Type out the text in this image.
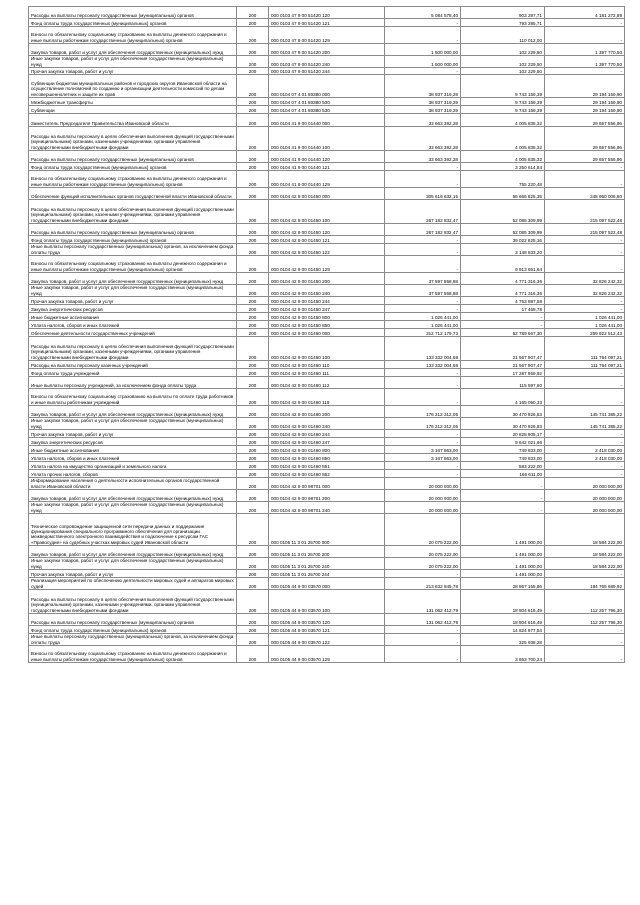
Расходы на выплаты персоналу государственных (муниципальных) органов	200	000 0103 47 9 00 51420 120	5 084 578,40	903 297,71	4 181 272,89
Фонд оплаты труда государственных (муниципальных) органов	200	000 0103 47 9 00 51420 121	-	793 285,71	-
Взносы по обязательному социальному страхованию на выплаты денежного содержания и иные выплаты работникам государственных (муниципальных) органов	200	000 0103 47 9 00 51420 129	-	110 012,00	-
Закупка товаров, работ и услуг для обеспечения государственных (муниципальных) нужд	200	000 0103 47 9 00 51420 200	1 500 000,00	102 229,50	1 397 770,50
Иные закупки товаров, работ и услуг для обеспечения государственных (муниципальных) нужд	200	000 0103 47 9 00 51420 240	1 500 000,00	102 229,50	1 397 770,50
Прочая закупка товаров, работ и услуг	200	000 0103 47 9 00 51420 244	-	102 229,50	-
Субвенции бюджетам муниципальных районов и городских округов Ивановской области на осуществление полномочий по созданию и организации деятельности комиссий по делам несовершеннолетних и защите их прав	200	000 0104 07 4 01 80380 000	38 937 319,29	9 743 159,39	29 194 159,90
Межбюджетные трансферты	200	000 0104 07 4 01 80380 500	38 937 319,29	9 743 159,39	29 194 159,90
Субвенции	200	000 0104 07 4 01 80380 530	38 937 319,29	9 743 159,39	29 194 159,90
Заместитель Председателя Правительства Ивановской области	200	000 0104 41 9 00 01440 000	33 663 392,28	4 005 835,32	29 657 556,96
Расходы на выплаты персоналу в целях обеспечения выполнения функций государственными (муниципальными) органами, казенными учреждениями, органами управления государственными внебюджетными фондами	200	000 0104 41 9 00 01440 100	33 663 392,28	4 005 835,32	29 657 556,96
Расходы на выплаты персоналу государственных (муниципальных) органов	200	000 0104 41 9 00 01440 120	33 663 392,28	4 005 835,32	29 657 556,96
Фонд оплаты труда государственных (муниципальных) органов	200	000 0104 41 9 00 01440 121	-	3 250 614,84	-
Взносы по обязательному социальному страхованию на выплаты денежного содержания и иные выплаты работникам государственных (муниципальных) органов	200	000 0104 41 9 00 01440 129	-	755 220,48	-
Обеспечение функций исполнительных органов государственной власти Ивановской области	200	000 0104 42 9 00 01450 000	305 616 632,15	56 666 825,35	248 950 006,80
Расходы на выплаты персоналу в целях обеспечения выполнения функций государственными (муниципальными) органами, казенными учреждениями, органами управления государственными внебюджетными фондами	200	000 0104 42 9 00 01450 100	267 182 832,47	52 085 309,99	215 097 522,48
Расходы на выплаты персоналу государственных (муниципальных) органов	200	000 0104 42 9 00 01450 120	267 182 832,47	52 085 309,99	215 097 522,48
Фонд оплаты труда государственных (муниципальных) органов	200	000 0104 42 9 00 01450 121	-	39 022 825,16	-
Иные выплаты персоналу государственных (муниципальных) органов, за исключением фонда оплаты труда	200	000 0104 42 9 00 01450 122	-	3 148 833,20	-
Взносы по обязательному социальному страхованию на выплаты денежного содержания и иные выплаты работникам государственных (муниципальных) органов	200	000 0104 42 9 00 01450 129	-	9 913 651,64	-
Закупка товаров, работ и услуг для обеспечения государственных (муниципальных) нужд	200	000 0104 42 9 00 01450 200	37 597 558,68	4 771 316,36	32 826 242,32
Иные закупки товаров, работ и услуг для обеспечения государственных (муниципальных) нужд	200	000 0104 42 9 00 01450 240	37 597 558,68	4 771 316,36	32 826 242,32
Прочая закупка товаров, работ и услуг	200	000 0104 42 9 00 01450 244	-	4 753 887,58	-
Закупка энергетических ресурсов	200	000 0104 42 9 00 01450 247	-	17 468,78	-
Иные бюджетные ассигнования	200	000 0104 42 9 00 01450 800	1 026 441,00	-	1 026 441,00
Уплата налогов, сборов и иных платежей	200	000 0104 42 9 00 01450 850	1 026 441,00	-	1 026 441,00
Обеспечение деятельности государственных учреждений	200	000 0104 42 9 00 01460 000	312 712 179,73	52 789 667,30	259 922 512,43
Расходы на выплаты персоналу в целях обеспечения выполнения функций государственными (муниципальными) органами, казенными учреждениями, органами управления государственными внебюджетными фондами	200	000 0104 42 9 00 01460 100	133 332 004,68	21 567 907,47	111 764 097,21
Расходы на выплаты персоналу казенных учреждений	200	000 0104 42 9 00 01460 110	133 332 004,68	21 567 907,47	111 764 097,21
Фонд оплаты труда учреждений	200	000 0104 42 9 00 01460 111	-	17 287 959,92	-
Иные выплаты персоналу учреждений, за исключением фонда оплаты труда	200	000 0104 42 9 00 01460 112	-	115 597,60	-
Взносы по обязательному социальному страхованию на выплаты по оплате труда работников и иные выплаты работникам учреждений	200	000 0104 42 9 00 01460 119	-	4 165 050,33	-
Закупка товаров, работ и услуг для обеспечения государственных (муниципальных) нужд	200	000 0104 42 9 00 01460 200	176 212 312,05	30 470 926,83	145 741 385,22
Иные закупки товаров, работ и услуг для обеспечения государственных (муниципальных) нужд	200	000 0104 42 9 00 01460 240	176 212 312,05	30 470 926,83	145 741 385,22
Прочая закупка товаров, работ и услуг	200	000 0104 42 9 00 01460 244	-	20 828 905,17	-
Закупка энергетических ресурсов	200	000 0104 42 9 00 01460 247	-	9 642 021,66	-
Иные бюджетные ассигнования	200	000 0104 42 9 00 01460 800	3 167 863,00	749 833,00	2 418 030,00
Уплата налогов, сборов и иных платежей	200	000 0104 42 9 00 01460 850	3 167 863,00	749 833,00	2 418 030,00
Уплата налога на имущество организаций и земельного налога	200	000 0104 42 9 00 01460 851	-	583 222,00	-
Уплата прочих налогов, сборов	200	000 0104 42 9 00 01460 852	-	166 611,00	-
Информирование населения о деятельности исполнительных органов государственной власти Ивановской области	200	000 0104 42 9 00 98701 000	20 000 000,00	-	20 000 000,00
Закупка товаров, работ и услуг для обеспечения государственных (муниципальных) нужд	200	000 0104 42 9 00 98701 200	20 000 000,00	-	20 000 000,00
Иные закупки товаров, работ и услуг для обеспечения государственных (муниципальных) нужд	200	000 0104 42 9 00 98701 240	20 000 000,00	-	20 000 000,00
Техническое сопровождение защищенной сети передачи данных и поддержание функционирования специального программного обеспечения для организации межведомственного электронного взаимодействия и подключение к ресурсам ГАС «Правосудие» на судебных участках мировых судей Ивановской области	200	000 0105 11 3 01 25700 000	20 075 222,00	1 491 000,00	18 584 222,00
Закупка товаров, работ и услуг для обеспечения государственных (муниципальных) нужд	200	000 0105 11 3 01 25700 200	20 075 222,00	1 491 000,00	18 584 222,00
Иные закупки товаров, работ и услуг для обеспечения государственных (муниципальных) нужд	200	000 0105 11 3 01 25700 240	20 075 222,00	1 491 000,00	18 584 222,00
Прочая закупка товаров, работ и услуг	200	000 0105 11 3 01 25700 244	-	1 491 000,00	-
Реализация мероприятий по обеспечению деятельности мировых судей и аппаратов мировых судей	200	000 0105 44 9 00 03570 000	213 632 845,78	28 867 155,86	184 765 689,92
Расходы на выплаты персоналу в целях обеспечения выполнения функций государственными (муниципальными) органами, казенными учреждениями, органами управления государственными внебюджетными фондами	200	000 0105 44 9 00 03570 100	131 062 412,79	18 804 616,49	112 257 796,30
Расходы на выплаты персоналу государственных (муниципальных) органов	200	000 0105 44 9 00 03570 120	131 062 412,79	18 804 616,49	112 257 796,30
Фонд оплаты труда государственных (муниципальных) органов	200	000 0105 44 9 00 03570 121	-	14 824 977,54	-
Иные выплаты персоналу государственных (муниципальных) органов, за исключением фонда оплаты труда	200	000 0105 44 9 00 03570 122	-	325 938,28	-
Взносы по обязательному социальному страхованию на выплаты денежного содержания и иные выплаты работникам государственных (муниципальных) органов	200	000 0105 44 9 00 03570 129	-	3 653 700,24	-
